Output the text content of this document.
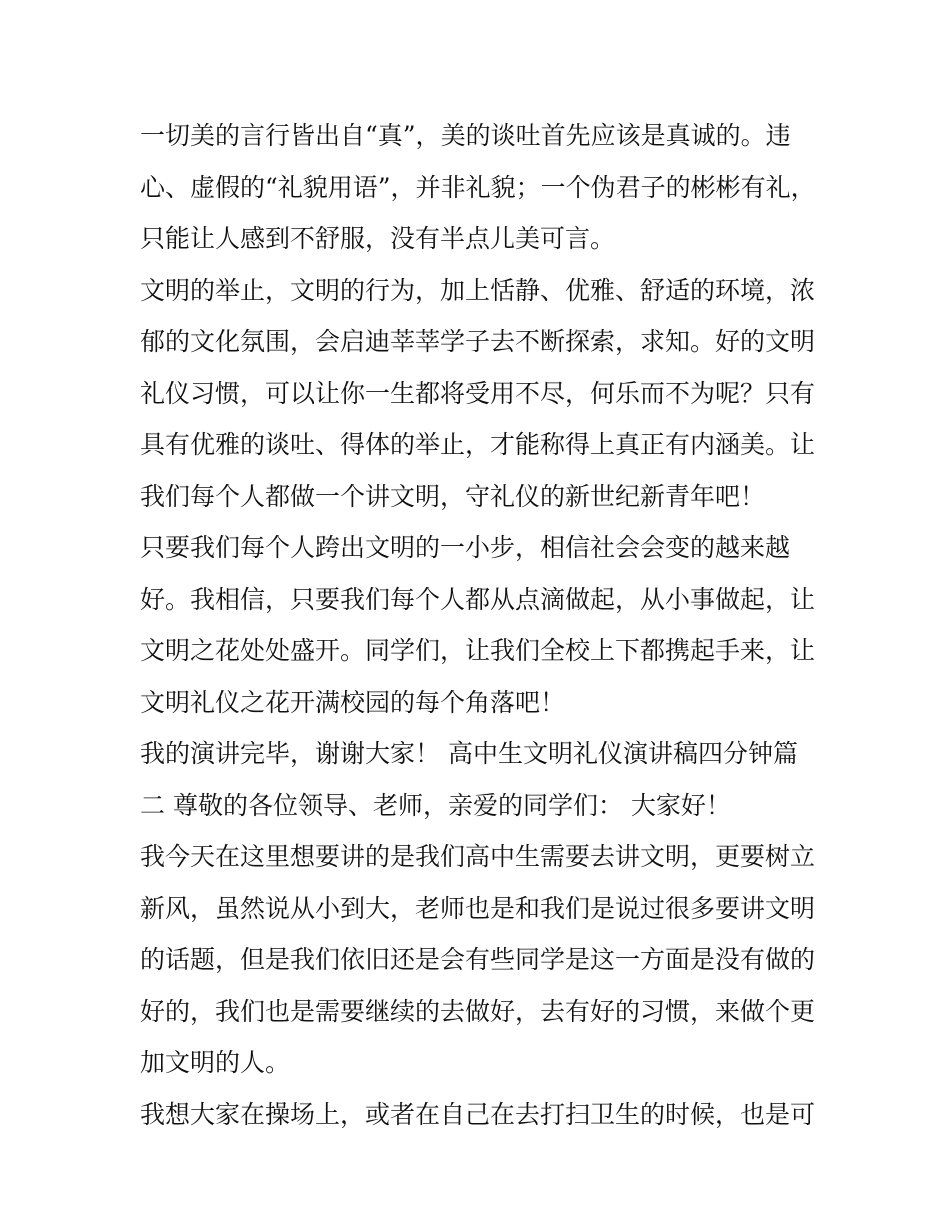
一切美的言行皆出自“真”，美的谈吐首先应该是真诚的。违
心、虚假的“礼貌用语”，并非礼貌；一个伪君子的彬彬有礼，
只能让人感到不舒服，没有半点儿美可言。
文明的举止，文明的行为，加上恬静、优雅、舒适的环境，浓
郁的文化氛围，会启迪莘莘学子去不断探索，求知。好的文明
礼仪习惯，可以让你一生都将受用不尽，何乐而不为呢？只有
具有优雅的谈吐、得体的举止，才能称得上真正有内涵美。让
我们每个人都做一个讲文明，守礼仪的新世纪新青年吧！
只要我们每个人跨出文明的一小步，相信社会会变的越来越
好。我相信，只要我们每个人都从点滴做起，从小事做起，让
文明之花处处盛开。同学们，让我们全校上下都携起手来，让
文明礼仪之花开满校园的每个角落吧！
我的演讲完毕，谢谢大家！ 高中生文明礼仪演讲稿四分钟篇
二 尊敬的各位领导、老师，亲爱的同学们： 大家好！
我今天在这里想要讲的是我们高中生需要去讲文明，更要树立
新风，虽然说从小到大，老师也是和我们是说过很多要讲文明
的话题，但是我们依旧还是会有些同学是这一方面是没有做的
好的，我们也是需要继续的去做好，去有好的习惯，来做个更
加文明的人。
我想大家在操场上，或者在自己在去打扫卫生的时候，也是可
